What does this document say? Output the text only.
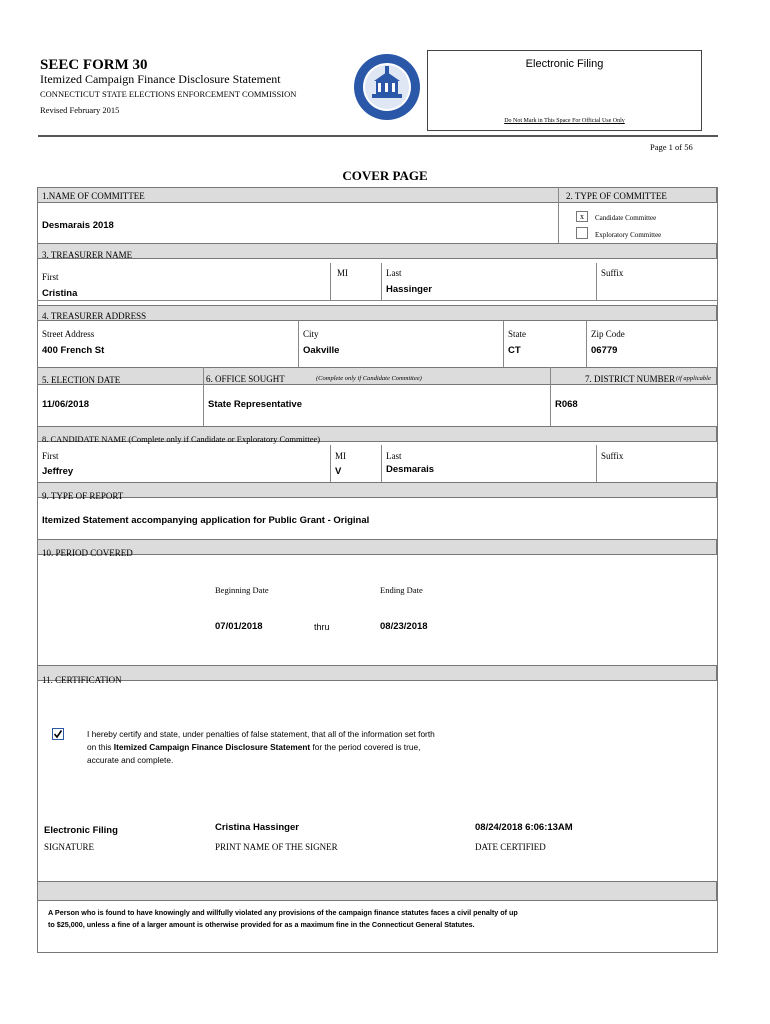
SEEC FORM 30
Itemized Campaign Finance Disclosure Statement
CONNECTICUT STATE ELECTIONS ENFORCEMENT COMMISSION
Revised February 2015
Electronic Filing
Do Not Mark in This Space For Official Use Only
Page 1 of 56
COVER PAGE
1.NAME OF COMMITTEE	2. TYPE OF COMMITTEE
Desmarais 2018
x	Candidate Committee
Exploratory Committee
3. TREASURER NAME
First
Cristina
MI	Last
Hassinger
Suffix
4. TREASURER ADDRESS
Street Address
400 French St
City
Oakville
State
CT
Zip Code
06779
5. ELECTION DATE	6. OFFICE SOUGHT	(Complete only if Candidate Committee)	7. DISTRICT NUMBER (if applicable
11/06/2018	State Representative	R068
8. CANDIDATE NAME (Complete only if Candidate or Exploratory Committee)
First
Jeffrey
MI
V
Last
Desmarais
Suffix
9. TYPE OF REPORT
Itemized Statement accompanying application for Public Grant - Original
10. PERIOD COVERED
Beginning Date	Ending Date
07/01/2018	thru	08/23/2018
11. CERTIFICATION
I hereby certify and state, under penalties of false statement, that all of the information set forth
on this Itemized Campaign Finance Disclosure Statement for the period covered is true,
accurate and complete.
Electronic Filing
SIGNATURE
Cristina Hassinger
PRINT NAME OF THE SIGNER
08/24/2018 6:06:13AM
DATE CERTIFIED
A Person who is found to have knowingly and willfully violated any provisions of the campaign finance statutes faces a civil penalty of up
to $25,000, unless a fine of a larger amount is otherwise provided for as a maximum fine in the Connecticut General Statutes.
